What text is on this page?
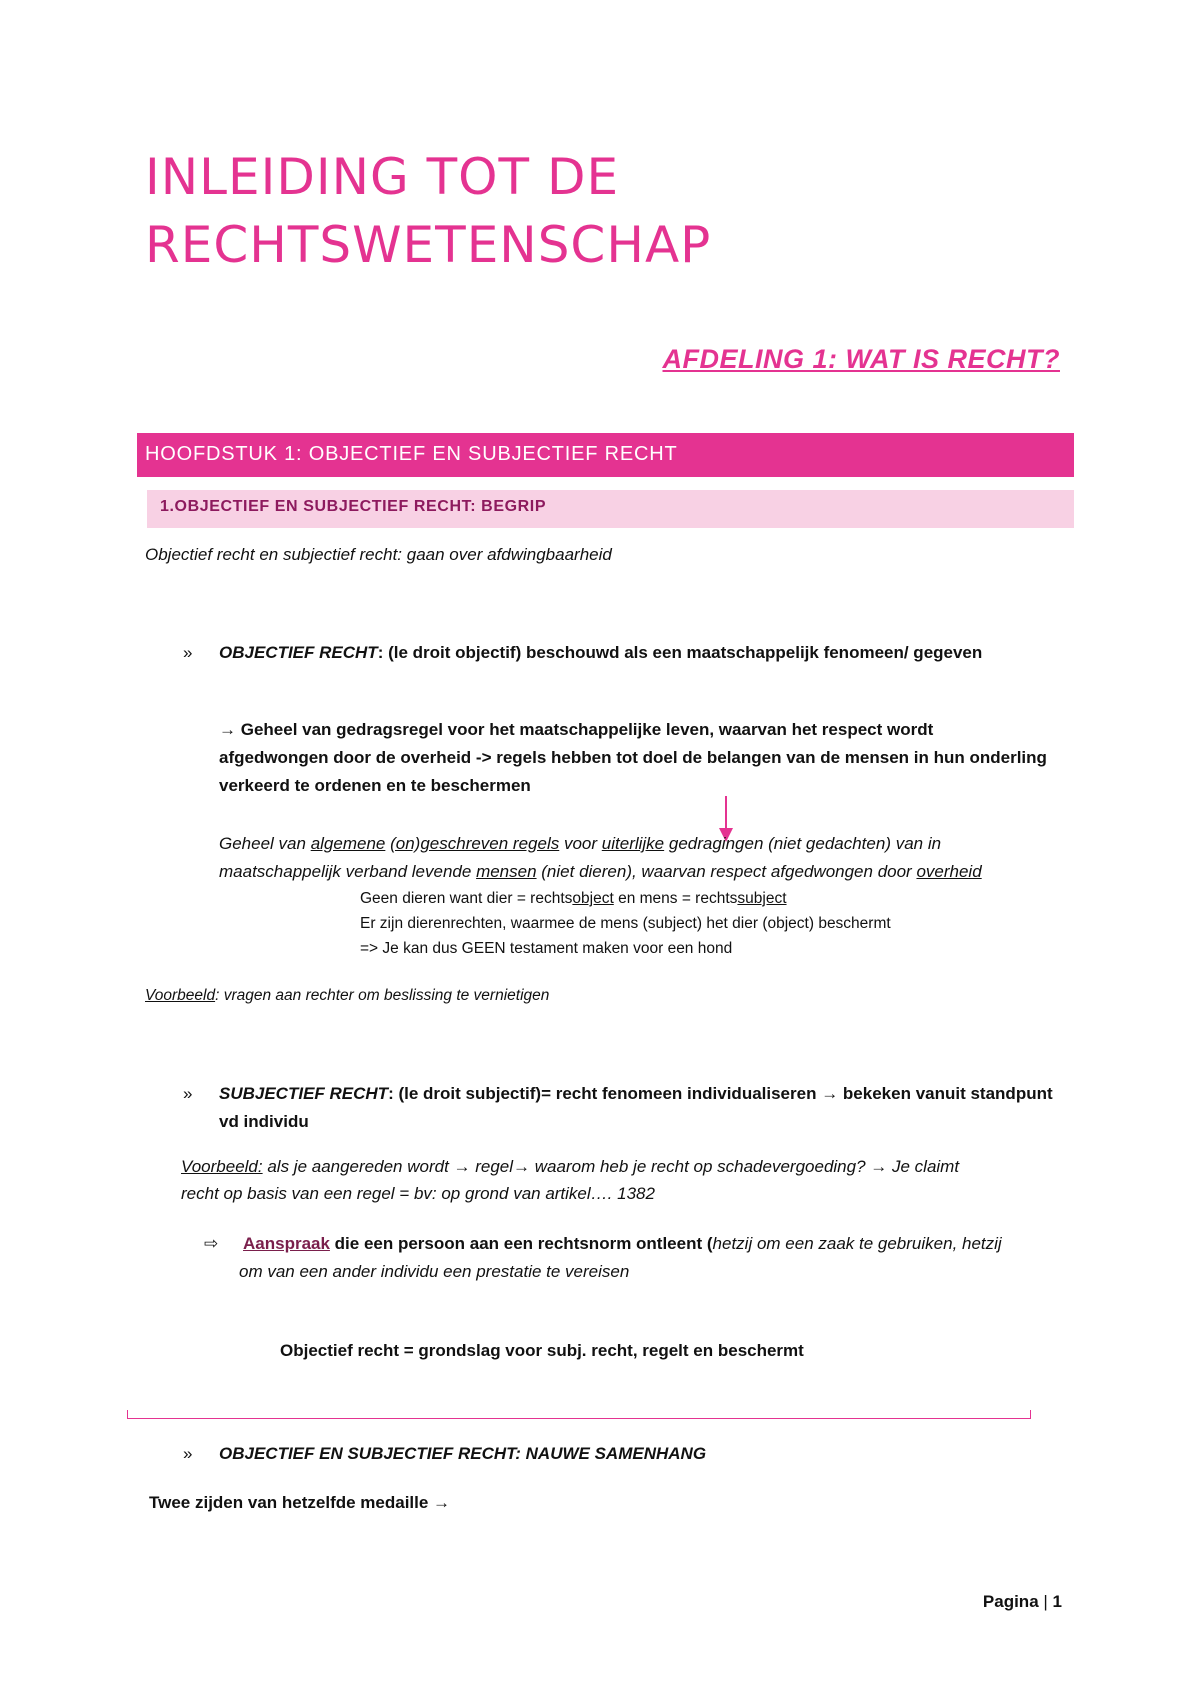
INLEIDING TOT DE
RECHTSWETENSCHAP
AFDELING 1: WAT IS RECHT?
HOOFDSTUK 1: OBJECTIEF EN SUBJECTIEF RECHT
1.OBJECTIEF EN SUBJECTIEF RECHT: BEGRIP
Objectief recht en subjectief recht: gaan over afdwingbaarheid
» OBJECTIEF RECHT: (le droit objectif) beschouwd als een maatschappelijk fenomeen/ gegeven
→ Geheel van gedragsregel voor het maatschappelijke leven, waarvan het respect wordt
afgedwongen door de overheid -> regels hebben tot doel de belangen van de mensen in hun onderling
verkeerd te ordenen en te beschermen
Geheel van algemene (on)geschreven regels voor uiterlijke gedragingen (niet gedachten) van in
maatschappelijk verband levende mensen (niet dieren), waarvan respect afgedwongen door overheid
Geen dieren want dier = rechtsobject en mens = rechtssubject
Er zijn dierenrechten, waarmee de mens (subject) het dier (object) beschermt
=> Je kan dus GEEN testament maken voor een hond
Voorbeeld: vragen aan rechter om beslissing te vernietigen
» SUBJECTIEF RECHT: (le droit subjectif)= recht fenomeen individualiseren → bekeken vanuit standpunt
vd individu
Voorbeeld: als je aangereden wordt → regel→ waarom heb je recht op schadevergoeding? → Je claimt
recht op basis van een regel = bv: op grond van artikel…. 1382
⇨ Aanspraak die een persoon aan een rechtsnorm ontleent (hetzij om een zaak te gebruiken, hetzij
om van een ander individu een prestatie te vereisen
Objectief recht = grondslag voor subj. recht, regelt en beschermt
» OBJECTIEF EN SUBJECTIEF RECHT: NAUWE SAMENHANG
Twee zijden van hetzelfde medaille →
Pagina | 1
